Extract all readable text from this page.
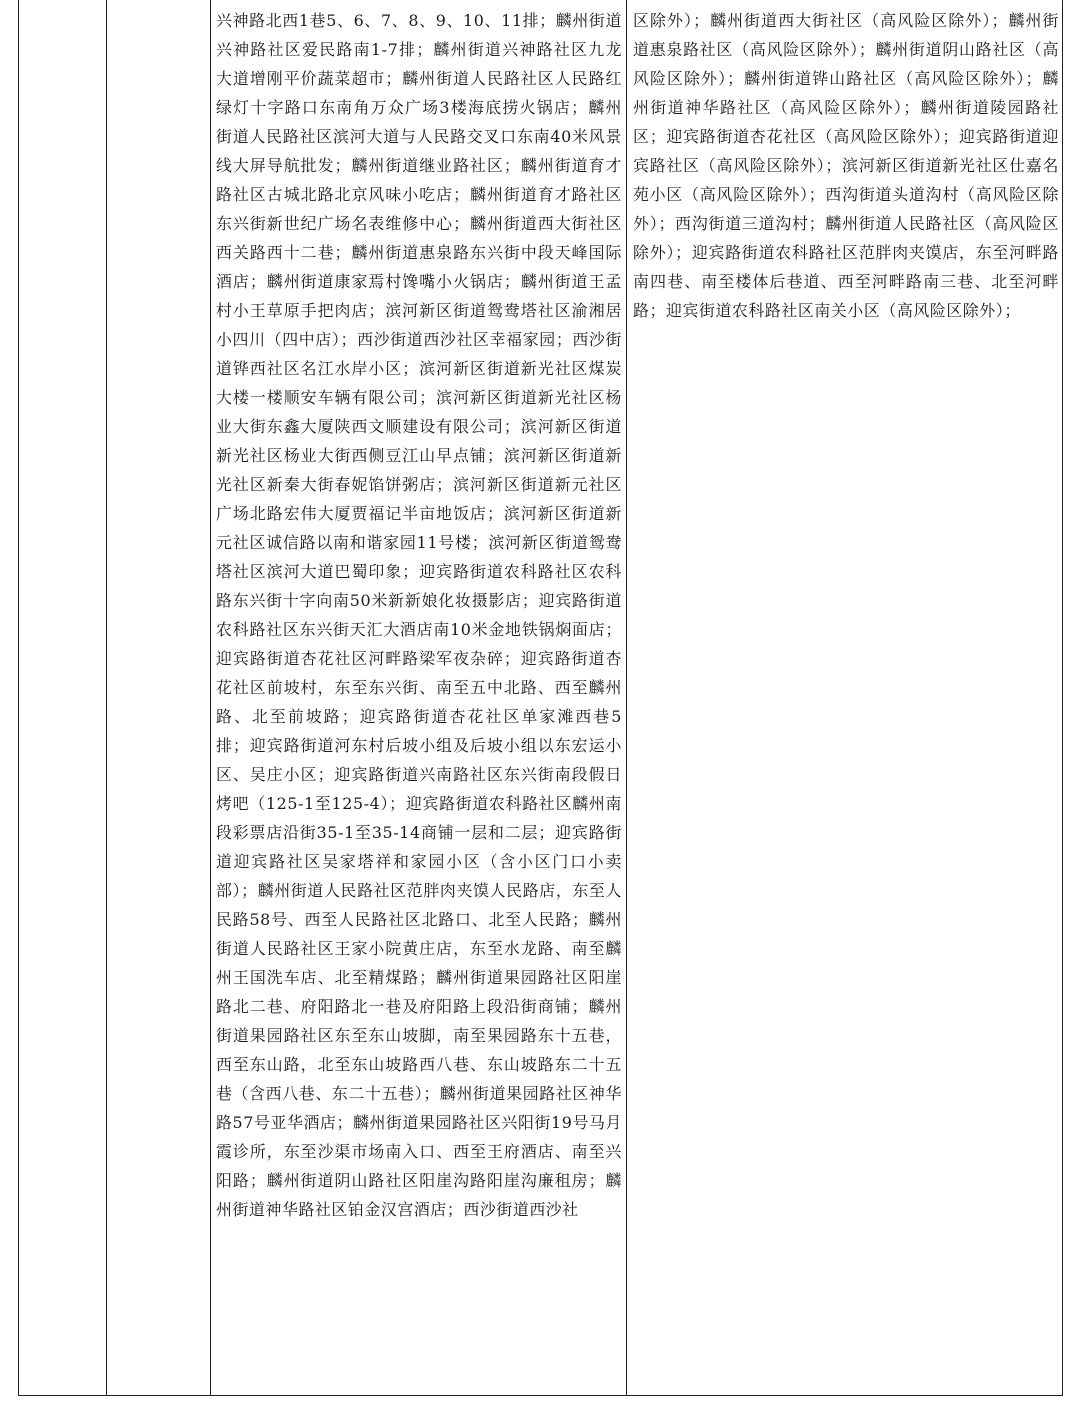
兴神路北西1巷5、6、7、8、9、10、11排；麟州街道兴神路社区爱民路南1-7排；麟州街道兴神路社区九龙大道增刚平价蔬菜超市；麟州街道人民路社区人民路红绿灯十字路口东南角万众广场3楼海底捞火锅店；麟州街道人民路社区滨河大道与人民路交叉口东南40米风景线大屏导航批发；麟州街道继业路社区；麟州街道育才路社区古城北路北京风味小吃店；麟州街道育才路社区东兴街新世纪广场名表维修中心；麟州街道西大街社区西关路西十二巷；麟州街道惠泉路东兴街中段天峰国际酒店；麟州街道康家焉村馋嘴小火锅店；麟州街道王孟村小王草原手把肉店；滨河新区街道鸳鸯塔社区渝湘居小四川（四中店）；西沙街道西沙社区幸福家园；西沙街道铧西社区名江水岸小区；滨河新区街道新光社区煤炭大楼一楼顺安车辆有限公司；滨河新区街道新光社区杨业大街东鑫大厦陕西文顺建设有限公司；滨河新区街道新光社区杨业大街西侧豆江山早点铺；滨河新区街道新光社区新秦大街春妮馅饼粥店；滨河新区街道新元社区广场北路宏伟大厦贾福记半亩地饭店；滨河新区街道新元社区诚信路以南和谐家园11号楼；滨河新区街道鸳鸯塔社区滨河大道巴蜀印象；迎宾路街道农科路社区农科路东兴街十字向南50米新新娘化妆摄影店；迎宾路街道农科路社区东兴街天汇大酒店南10米金地铁锅焖面店；迎宾路街道杏花社区河畔路梁军夜杂碎；迎宾路街道杏花社区前坡村，东至东兴街、南至五中北路、西至麟州路、北至前坡路；迎宾路街道杏花社区单家滩西巷5排；迎宾路街道河东村后坡小组及后坡小组以东宏运小区、吴庄小区；迎宾路街道兴南路社区东兴街南段假日烤吧（125-1至125-4）；迎宾路街道农科路社区麟州南段彩票店沿街35-1至35-14商铺一层和二层；迎宾路街道迎宾路社区吴家塔祥和家园小区（含小区门口小卖部）；麟州街道人民路社区范胖肉夹馍人民路店，东至人民路58号、西至人民路社区北路口、北至人民路；麟州街道人民路社区王家小院黄庄店，东至水龙路、南至麟州王国洗车店、北至精煤路；麟州街道果园路社区阳崖路北二巷、府阳路北一巷及府阳路上段沿街商铺；麟州街道果园路社区东至东山坡脚，南至果园路东十五巷，西至东山路，北至东山坡路西八巷、东山坡路东二十五巷（含西八巷、东二十五巷）；麟州街道果园路社区神华路57号亚华酒店；麟州街道果园路社区兴阳街19号马月霞诊所，东至沙渠市场南入口、西至王府酒店、南至兴阳路；麟州街道阴山路社区阳崖沟路阳崖沟廉租房；麟州街道神华路社区铂金汉宫酒店；西沙街道西沙社

区除外）；麟州街道西大街社区（高风险区除外）；麟州街道惠泉路社区（高风险区除外）；麟州街道阴山路社区（高风险区除外）；麟州街道铧山路社区（高风险区除外）；麟州街道神华路社区（高风险区除外）；麟州街道陵园路社区；迎宾路街道杏花社区（高风险区除外）；迎宾路街道迎宾路社区（高风险区除外）；滨河新区街道新光社区仕嘉名苑小区（高风险区除外）；西沟街道头道沟村（高风险区除外）；西沟街道三道沟村；麟州街道人民路社区（高风险区除外）；迎宾路街道农科路社区范胖肉夹馍店，东至河畔路南四巷、南至楼体后巷道、西至河畔路南三巷、北至河畔路；迎宾街道农科路社区南关小区（高风险区除外）；
